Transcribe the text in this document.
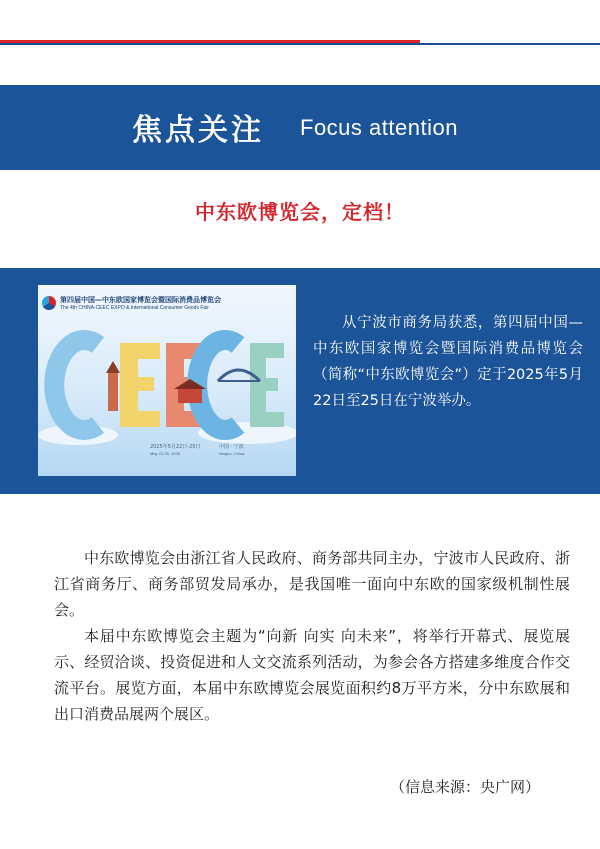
焦点关注 Focus attention
中东欧博览会，定档！
第四届中国—中东欧国家博览会暨国际消费品博览会
The 4th CHINA-CEEC EXPO & International Consumer Goods Fair
2025年5月22日-25日
May 22-25, 2025
中国 · 宁波
Ningbo, China
从宁波市商务局获悉，第四届中国—中东欧国家博览会暨国际消费品博览会（简称“中东欧博览会”）定于2025年5月22日至25日在宁波举办。

中东欧博览会由浙江省人民政府、商务部共同主办，宁波市人民政府、浙江省商务厅、商务部贸发局承办，是我国唯一面向中东欧的国家级机制性展会。

本届中东欧博览会主题为“向新 向实 向未来”，将举行开幕式、展览展示、经贸洽谈、投资促进和人文交流系列活动，为参会各方搭建多维度合作交流平台。展览方面，本届中东欧博览会展览面积约8万平方米，分中东欧展和出口消费品展两个展区。

（信息来源：央广网）
